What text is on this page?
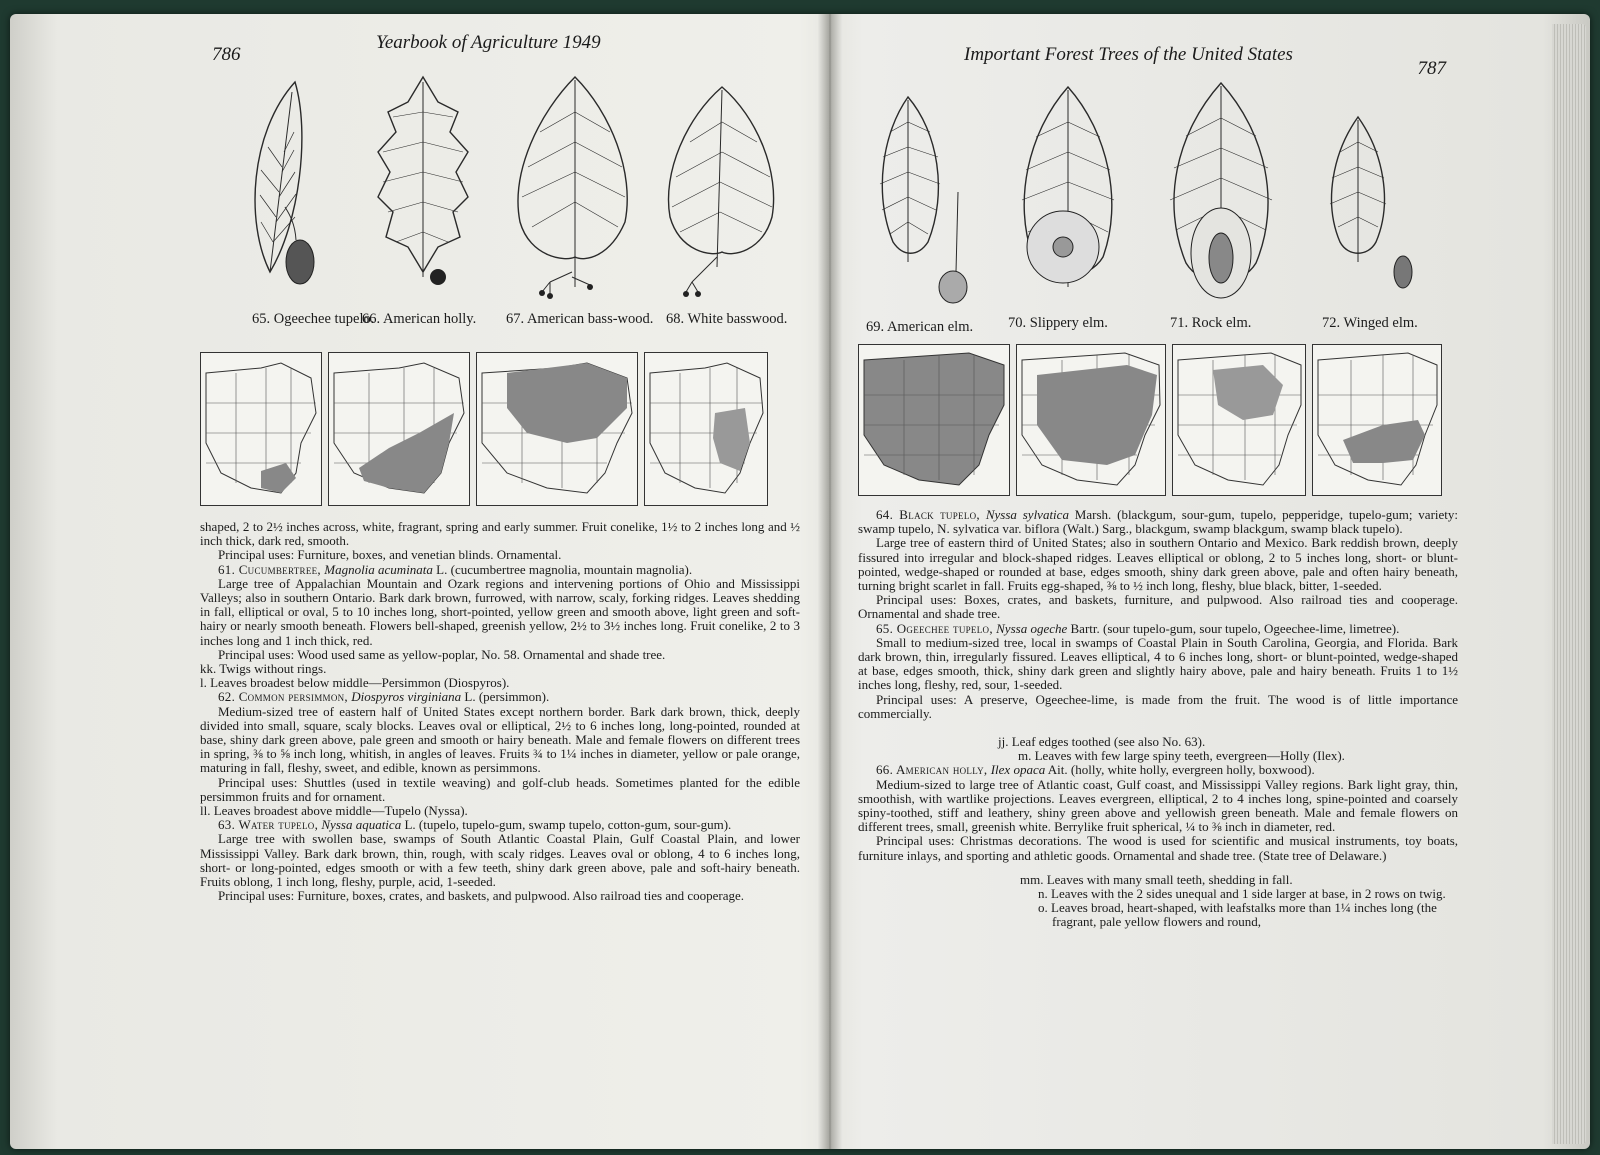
786
Yearbook of Agriculture 1949
65. Ogeechee tupelo.
66. American holly. 67. American bass-wood. 68. White basswood.

shaped, 2 to 2½ inches across, white, fragrant, spring and early summer. Fruit conelike, 1½ to 2 inches long and ½ inch thick, dark red, smooth.

Principal uses: Furniture, boxes, and venetian blinds. Ornamental.

61. Cucumbertree, Magnolia acuminata L. (cucumbertree magnolia, mountain magnolia).

Large tree of Appalachian Mountain and Ozark regions and intervening portions of Ohio and Mississippi Valleys; also in southern Ontario. Bark dark brown, furrowed, with narrow, scaly, forking ridges. Leaves shedding in fall, elliptical or oval, 5 to 10 inches long, short-pointed, yellow green and smooth above, light green and soft-hairy or nearly smooth beneath. Flowers bell-shaped, greenish yellow, 2½ to 3½ inches long. Fruit conelike, 2 to 3 inches long and 1 inch thick, red.

Principal uses: Wood used same as yellow-poplar, No. 58. Ornamental and shade tree.

kk. Twigs without rings.

l. Leaves broadest below middle—Persimmon (Diospyros).

62. Common persimmon, Diospyros virginiana L. (persimmon).

Medium-sized tree of eastern half of United States except northern border. Bark dark brown, thick, deeply divided into small, square, scaly blocks. Leaves oval or elliptical, 2½ to 6 inches long, long-pointed, rounded at base, shiny dark green above, pale green and smooth or hairy beneath. Male and female flowers on different trees in spring, ⅜ to ⅝ inch long, whitish, in angles of leaves. Fruits ¾ to 1¼ inches in diameter, yellow or pale orange, maturing in fall, fleshy, sweet, and edible, known as persimmons.

Principal uses: Shuttles (used in textile weaving) and golf-club heads. Sometimes planted for the edible persimmon fruits and for ornament.

ll. Leaves broadest above middle—Tupelo (Nyssa).

63. Water tupelo, Nyssa aquatica L. (tupelo, tupelo-gum, swamp tupelo, cotton-gum, sour-gum).

Large tree with swollen base, swamps of South Atlantic Coastal Plain, Gulf Coastal Plain, and lower Mississippi Valley. Bark dark brown, thin, rough, with scaly ridges. Leaves oval or oblong, 4 to 6 inches long, short- or long-pointed, edges smooth or with a few teeth, shiny dark green above, pale and soft-hairy beneath. Fruits oblong, 1 inch long, fleshy, purple, acid, 1-seeded.

Principal uses: Furniture, boxes, crates, and baskets, and pulpwood. Also railroad ties and cooperage.

Important Forest Trees of the United States
787
69. American elm. 70. Slippery elm.	71. Rock elm.	72. Winged elm.

64. Black tupelo, Nyssa sylvatica Marsh. (blackgum, sour-gum, tupelo, pepperidge, tupelo-gum; variety: swamp tupelo, N. sylvatica var. biflora (Walt.) Sarg., blackgum, swamp blackgum, swamp black tupelo).

Large tree of eastern third of United States; also in southern Ontario and Mexico. Bark reddish brown, deeply fissured into irregular and block-shaped ridges. Leaves elliptical or oblong, 2 to 5 inches long, short- or blunt-pointed, wedge-shaped or rounded at base, edges smooth, shiny dark green above, pale and often hairy beneath, turning bright scarlet in fall. Fruits egg-shaped, ⅜ to ½ inch long, fleshy, blue black, bitter, 1-seeded.

Principal uses: Boxes, crates, and baskets, furniture, and pulpwood. Also railroad ties and cooperage. Ornamental and shade tree.

65. Ogeechee tupelo, Nyssa ogeche Bartr. (sour tupelo-gum, sour tupelo, Ogeechee-lime, limetree).

Small to medium-sized tree, local in swamps of Coastal Plain in South Carolina, Georgia, and Florida. Bark dark brown, thin, irregularly fissured. Leaves elliptical, 4 to 6 inches long, short- or blunt-pointed, wedge-shaped at base, edges smooth, thick, shiny dark green and slightly hairy above, pale and hairy beneath. Fruits 1 to 1½ inches long, fleshy, red, sour, 1-seeded.

Principal uses: A preserve, Ogeechee-lime, is made from the fruit. The wood is of little importance commercially.

jj. Leaf edges toothed (see also No. 63).

m. Leaves with few large spiny teeth, evergreen—Holly (Ilex).

66. American holly, Ilex opaca Ait. (holly, white holly, evergreen holly, boxwood).

Medium-sized to large tree of Atlantic coast, Gulf coast, and Mississippi Valley regions. Bark light gray, thin, smoothish, with wartlike projections. Leaves evergreen, elliptical, 2 to 4 inches long, spine-pointed and coarsely spiny-toothed, stiff and leathery, shiny green above and yellowish green beneath. Male and female flowers on different trees, small, greenish white. Berrylike fruit spherical, ¼ to ⅜ inch in diameter, red.

Principal uses: Christmas decorations. The wood is used for scientific and musical instruments, toy boats, furniture inlays, and sporting and athletic goods. Ornamental and shade tree. (State tree of Delaware.)

mm. Leaves with many small teeth, shedding in fall.

n. Leaves with the 2 sides unequal and 1 side larger at base, in 2 rows on twig.

o. Leaves broad, heart-shaped, with leafstalks more than 1¼ inches long (the fragrant, pale yellow flowers and round,
